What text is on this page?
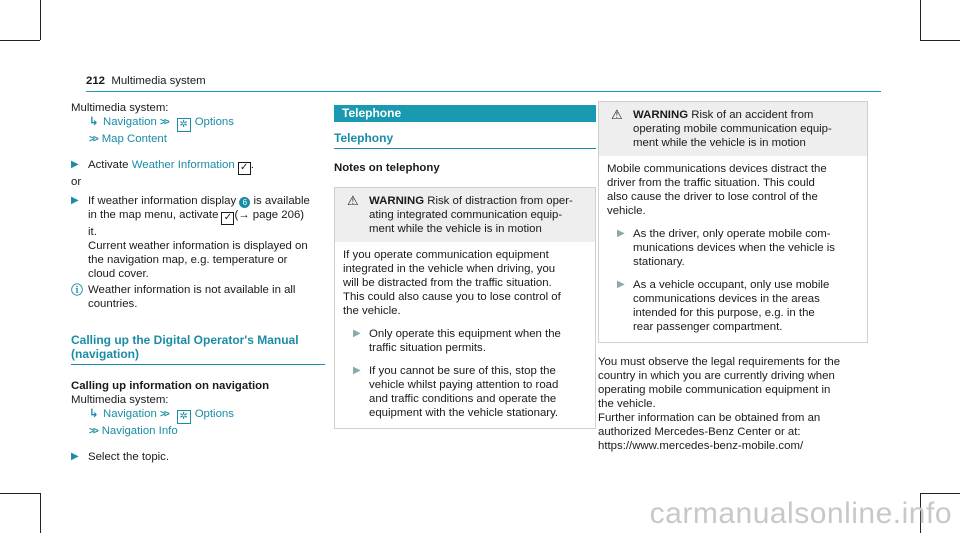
212 Multimedia system
Multimedia system:
↳ Navigation >> ✲ Options
>> Map Content
▶ Activate Weather Information ✓ .
or
▶ If weather information display 6 is available
in the map menu, activate ✓ (→ page 206)
it.
Current weather information is displayed on
the navigation map, e.g. temperature or
cloud cover.
ⓘ Weather information is not available in all
countries.
Calling up the Digital Operator's Manual
(navigation)
Calling up information on navigation
Multimedia system:
↳ Navigation >> ✲ Options
>> Navigation Info
▶ Select the topic.
Telephone
Telephony
Notes on telephony
⚠ WARNING Risk of distraction from oper-
ating integrated communication equip-
ment while the vehicle is in motion
If you operate communication equipment
integrated in the vehicle when driving, you
will be distracted from the traffic situation.
This could also cause you to lose control of
the vehicle.
▶ Only operate this equipment when the
traffic situation permits.
▶ If you cannot be sure of this, stop the
vehicle whilst paying attention to road
and traffic conditions and operate the
equipment with the vehicle stationary.
⚠ WARNING Risk of an accident from
operating mobile communication equip-
ment while the vehicle is in motion
Mobile communications devices distract the
driver from the traffic situation. This could
also cause the driver to lose control of the
vehicle.
▶ As the driver, only operate mobile com-
munications devices when the vehicle is
stationary.
▶ As a vehicle occupant, only use mobile
communications devices in the areas
intended for this purpose, e.g. in the
rear passenger compartment.
You must observe the legal requirements for the
country in which you are currently driving when
operating mobile communication equipment in
the vehicle.
Further information can be obtained from an
authorized Mercedes-Benz Center or at:
https://www.mercedes-benz-mobile.com/
carmanualsonline.info
